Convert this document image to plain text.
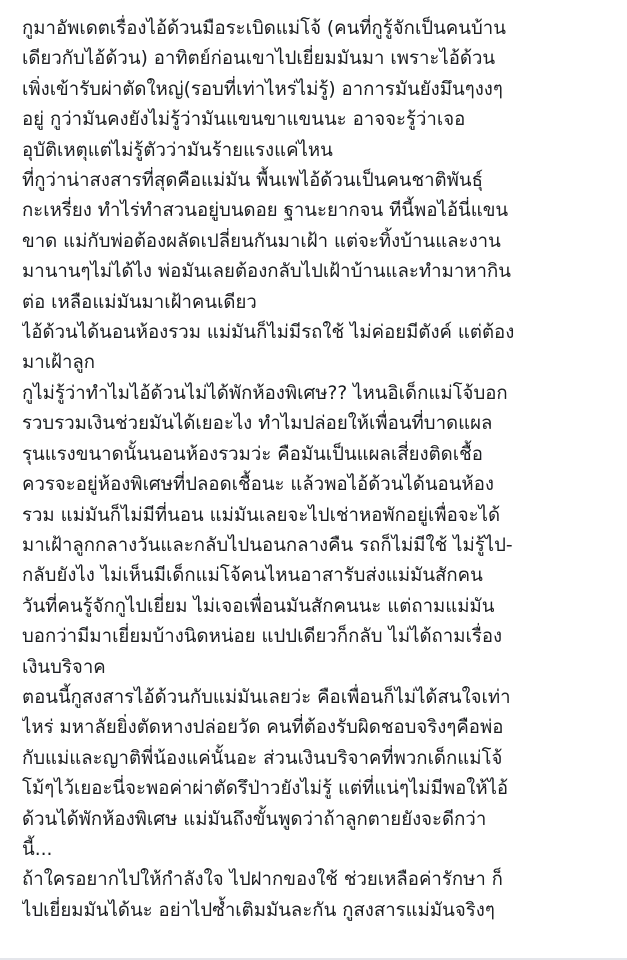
กูมาอัพเดตเรื่องไอ้ด้วนมือระเบิดแม่โจ้ (คนที่กูรู้จักเป็นคนบ้าน
เดียวกับไอ้ด้วน) อาทิตย์ก่อนเขาไปเยี่ยมมันมา เพราะไอ้ด้วน
เพิ่งเข้ารับผ่าตัดใหญ่(รอบที่เท่าไหร่ไม่รู้) อาการมันยังมึนๆงงๆ
อยู่ กูว่ามันคงยังไม่รู้ว่ามันแขนขาแขนนะ อาจจะรู้ว่าเจอ
อุบัติเหตุแต่ไม่รู้ตัวว่ามันร้ายแรงแค่ไหน
ที่กูว่าน่าสงสารที่สุดคือแม่มัน พื้นเพไอ้ด้วนเป็นคนชาติพันธุ์
กะเหรี่ยง ทำไร่ทำสวนอยู่บนดอย ฐานะยากจน ทีนี้พอไอ้นี่แขน
ขาด แม่กับพ่อต้องผลัดเปลี่ยนกันมาเฝ้า แต่จะทิ้งบ้านและงาน
มานานๆไม่ได้ไง พ่อมันเลยต้องกลับไปเฝ้าบ้านและทำมาหากิน
ต่อ เหลือแม่มันมาเฝ้าคนเดียว
ไอ้ด้วนได้นอนห้องรวม แม่มันก็ไม่มีรถใช้ ไม่ค่อยมีตังค์ แต่ต้อง
มาเฝ้าลูก
กูไม่รู้ว่าทำไมไอ้ด้วนไม่ได้พักห้องพิเศษ?? ไหนอิเด็กแม่โจ้บอก
รวบรวมเงินช่วยมันได้เยอะไง ทำไมปล่อยให้เพื่อนที่บาดแผล
รุนแรงขนาดนั้นนอนห้องรวมว่ะ คือมันเป็นแผลเสี่ยงติดเชื้อ
ควรจะอยู่ห้องพิเศษที่ปลอดเชื้อนะ แล้วพอไอ้ด้วนได้นอนห้อง
รวม แม่มันก็ไม่มีที่นอน แม่มันเลยจะไปเช่าหอพักอยู่เพื่อจะได้
มาเฝ้าลูกกลางวันและกลับไปนอนกลางคืน รถก็ไม่มีใช้ ไม่รู้ไป-
กลับยังไง ไม่เห็นมีเด็กแม่โจ้คนไหนอาสารับส่งแม่มันสักคน
วันที่คนรู้จักกูไปเยี่ยม ไม่เจอเพื่อนมันสักคนนะ แต่ถามแม่มัน
บอกว่ามีมาเยี่ยมบ้างนิดหน่อย แปปเดียวก็กลับ ไม่ได้ถามเรื่อง
เงินบริจาค
ตอนนี้กูสงสารไอ้ด้วนกับแม่มันเลยว่ะ คือเพื่อนก็ไม่ได้สนใจเท่า
ไหร่ มหาลัยยิ่งตัดหางปล่อยวัด คนที่ต้องรับผิดชอบจริงๆคือพ่อ
กับแม่และญาติพี่น้องแค่นั้นอะ ส่วนเงินบริจาคที่พวกเด็กแม่โจ้
โม้ๆไว้เยอะนี่จะพอค่าผ่าตัดรึป่าวยังไม่รู้ แต่ที่แน่ๆไม่มีพอให้ไอ้
ด้วนได้พักห้องพิเศษ แม่มันถึงขั้นพูดว่าถ้าลูกตายยังจะดีกว่า
นี้...
ถ้าใครอยากไปให้กำลังใจ ไปฝากของใช้ ช่วยเหลือค่ารักษา ก็
ไปเยี่ยมมันได้นะ อย่าไปซ้ำเติมมันละกัน กูสงสารแม่มันจริงๆ
